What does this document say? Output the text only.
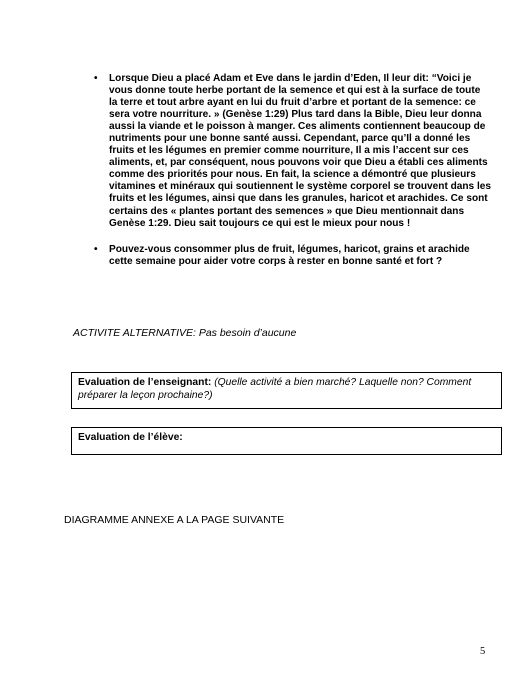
• Lorsque Dieu a placé Adam et Eve dans le jardin d’Eden, Il leur dit: “Voici je vous donne toute herbe portant de la semence et qui est à la surface de toute la terre et tout arbre ayant en lui du fruit d’arbre et portant de la semence: ce sera votre nourriture. » (Genèse 1:29) Plus tard dans la Bible, Dieu leur donna aussi la viande et le poisson à manger. Ces aliments contiennent beaucoup de nutriments pour une bonne santé aussi. Cependant, parce qu’Il a donné les fruits et les légumes en premier comme nourriture, Il a mis l’accent sur ces aliments, et, par conséquent, nous pouvons voir que Dieu a établi ces aliments comme des priorités pour nous. En fait, la science a démontré que plusieurs vitamines et minéraux qui soutiennent le système corporel se trouvent dans les fruits et les légumes, ainsi que dans les granules, haricot et arachides. Ce sont certains des « plantes portant des semences » que Dieu mentionnait dans Genèse 1:29. Dieu sait toujours ce qui est le mieux pour nous !
• Pouvez-vous consommer plus de fruit, légumes, haricot, grains et arachide cette semaine pour aider votre corps à rester en bonne santé et fort ?
ACTIVITE ALTERNATIVE: Pas besoin d’aucune
Evaluation de l’enseignant: (Quelle activité a bien marché? Laquelle non? Comment préparer la leçon prochaine?)
Evaluation de l’élève:
DIAGRAMME ANNEXE A LA PAGE SUIVANTE
5
